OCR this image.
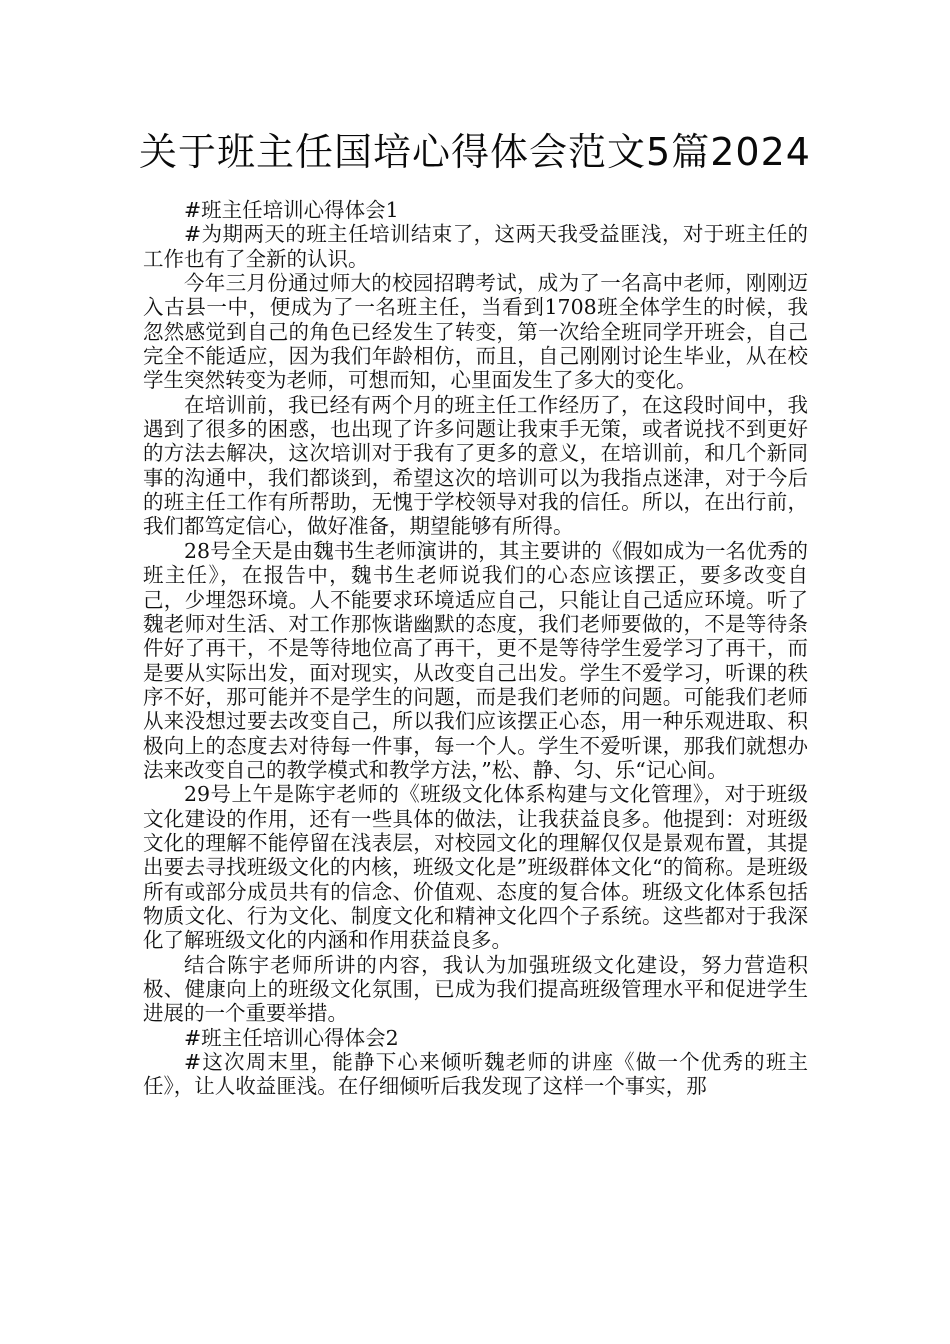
关于班主任国培心得体会范文5篇2024

#班主任培训心得体会1

#为期两天的班主任培训结束了，这两天我受益匪浅，对于班主任的工作也有了全新的认识。

今年三月份通过师大的校园招聘考试，成为了一名高中老师，刚刚迈入古县一中，便成为了一名班主任，当看到1708班全体学生的时候，我忽然感觉到自己的角色已经发生了转变，第一次给全班同学开班会，自己完全不能适应，因为我们年龄相仿，而且，自己刚刚讨论生毕业，从在校学生突然转变为老师，可想而知，心里面发生了多大的变化。

在培训前，我已经有两个月的班主任工作经历了，在这段时间中，我遇到了很多的困惑，也出现了许多问题让我束手无策，或者说找不到更好的方法去解决，这次培训对于我有了更多的意义，在培训前，和几个新同事的沟通中，我们都谈到，希望这次的培训可以为我指点迷津，对于今后的班主任工作有所帮助，无愧于学校领导对我的信任。所以，在出行前，我们都笃定信心，做好准备，期望能够有所得。

28号全天是由魏书生老师演讲的，其主要讲的《假如成为一名优秀的班主任》，在报告中，魏书生老师说我们的心态应该摆正，要多改变自己，少埋怨环境。人不能要求环境适应自己，只能让自己适应环境。听了魏老师对生活、对工作那恢谐幽默的态度，我们老师要做的，不是等待条件好了再干，不是等待地位高了再干，更不是等待学生爱学习了再干，而是要从实际出发，面对现实，从改变自己出发。学生不爱学习，听课的秩序不好，那可能并不是学生的问题，而是我们老师的问题。可能我们老师从来没想过要去改变自己，所以我们应该摆正心态，用一种乐观进取、积极向上的态度去对待每一件事，每一个人。学生不爱听课，那我们就想办法来改变自己的教学模式和教学方法，”松、静、匀、乐“记心间。

29号上午是陈宇老师的《班级文化体系构建与文化管理》，对于班级文化建设的作用，还有一些具体的做法，让我获益良多。他提到：对班级文化的理解不能停留在浅表层，对校园文化的理解仅仅是景观布置，其提出要去寻找班级文化的内核，班级文化是”班级群体文化“的简称。是班级所有或部分成员共有的信念、价值观、态度的复合体。班级文化体系包括物质文化、行为文化、制度文化和精神文化四个子系统。这些都对于我深化了解班级文化的内涵和作用获益良多。

结合陈宇老师所讲的内容，我认为加强班级文化建设，努力营造积极、健康向上的班级文化氛围，已成为我们提高班级管理水平和促进学生进展的一个重要举措。

#班主任培训心得体会2

#这次周末里，能静下心来倾听魏老师的讲座《做一个优秀的班主任》，让人收益匪浅。在仔细倾听后我发现了这样一个事实，那
